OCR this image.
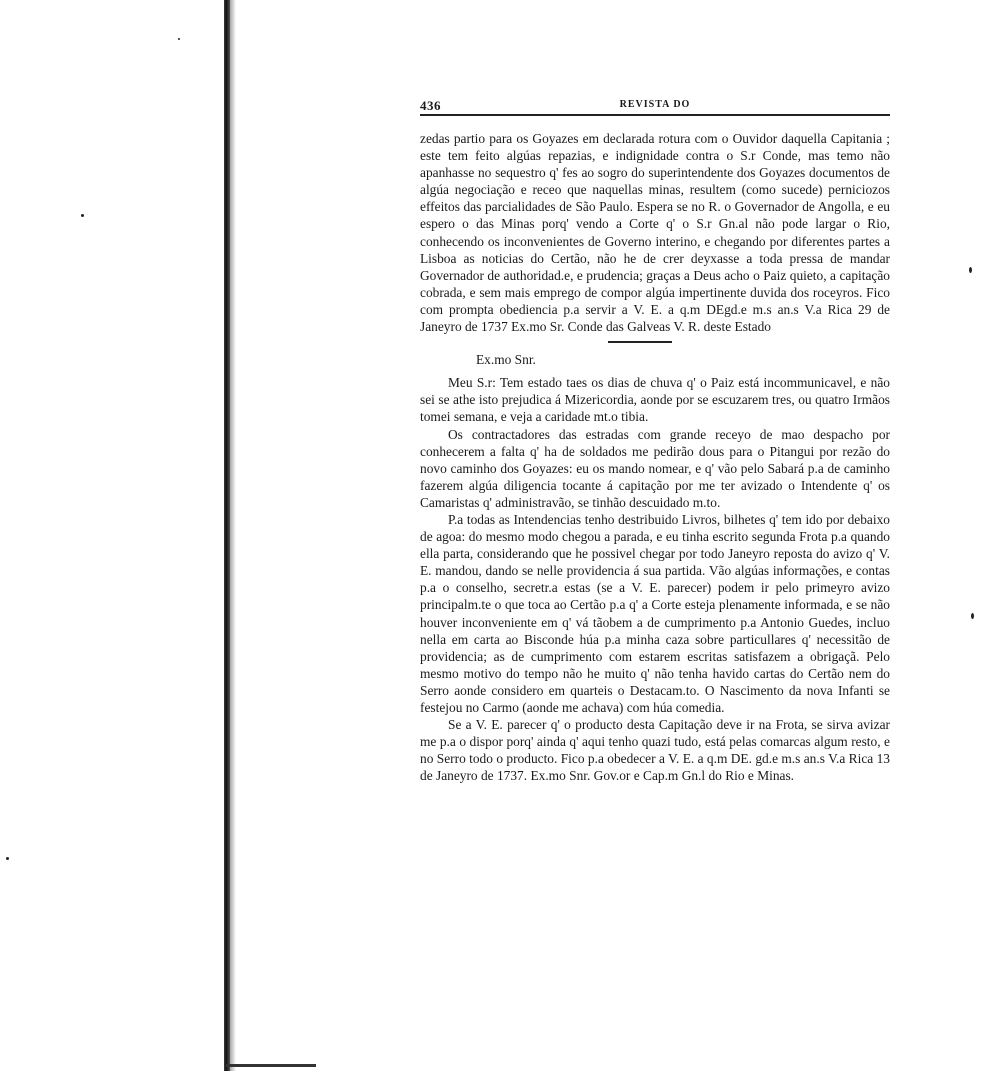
436	REVISTA DO

zedas partio para os Goyazes em declarada rotura com o Ouvidor daquella Capitania ; este tem feito algúas repazias, e indignidade contra o S.r Conde, mas temo não apanhasse no sequestro q' fes ao sogro do superintendente dos Goyazes documentos de algúa negociação e receo que naquellas minas, resultem (como sucede) perniciozos effeitos das parcialidades de São Paulo. Espera se no R. o Governador de Angolla, e eu espero o das Minas porq' vendo a Corte q' o S.r Gn.al não pode largar o Rio, conhecendo os inconvenientes de Governo interino, e chegando por diferentes partes a Lisboa as noticias do Certão, não he de crer deyxasse a toda pressa de mandar Governador de authoridad.e, e prudencia; graças a Deus acho o Paiz quieto, a capitação cobrada, e sem mais emprego de compor algúa impertinente duvida dos roceyros. Fico com prompta obediencia p.a servir a V. E. a q.m DEgd.e m.s an.s V.a Rica 29 de Janeyro de 1737 Ex.mo Sr. Conde das Galveas V. R. deste Estado

Ex.mo Snr.

Meu S.r: Tem estado taes os dias de chuva q' o Paiz está incommunicavel, e não sei se athe isto prejudica á Mizericordia, aonde por se escuzarem tres, ou quatro Irmãos tomei semana, e veja a caridade mt.o tibia.

Os contractadores das estradas com grande receyo de mao despacho por conhecerem a falta q' ha de soldados me pedirão dous para o Pitangui por rezão do novo caminho dos Goyazes: eu os mando nomear, e q' vão pelo Sabará p.a de caminho fazerem algúa diligencia tocante á capitação por me ter avizado o Intendente q' os Camaristas q' administravão, se tinhão descuidado m.to.

P.a todas as Intendencias tenho destribuido Livros, bilhetes q' tem ido por debaixo de agoa: do mesmo modo chegou a parada, e eu tinha escrito segunda Frota p.a quando ella parta, considerando que he possivel chegar por todo Janeyro reposta do avizo q' V. E. mandou, dando se nelle providencia á sua partida. Vão algúas informações, e contas p.a o conselho, secretr.a estas (se a V. E. parecer) podem ir pelo primeyro avizo principalm.te o que toca ao Certão p.a q' a Corte esteja plenamente informada, e se não houver inconveniente em q' vá tãobem a de cumprimento p.a Antonio Guedes, incluo nella em carta ao Bisconde húa p.a minha caza sobre particullares q' necessitão de providencia; as de cumprimento com estarem escritas satisfazem a obrigaçã. Pelo mesmo motivo do tempo não he muito q' não tenha havido cartas do Certão nem do Serro aonde considero em quarteis o Destacam.to. O Nascimento da nova Infanti se festejou no Carmo (aonde me achava) com húa comedia.

Se a V. E. parecer q' o producto desta Capitação deve ir na Frota, se sirva avizar me p.a o dispor porq' ainda q' aqui tenho quazi tudo, está pelas comarcas algum resto, e no Serro todo o producto. Fico p.a obedecer a V. E. a q.m DE. gd.e m.s an.s V.a Rica 13 de Janeyro de 1737. Ex.mo Snr. Gov.or e Cap.m Gn.l do Rio e Minas.
